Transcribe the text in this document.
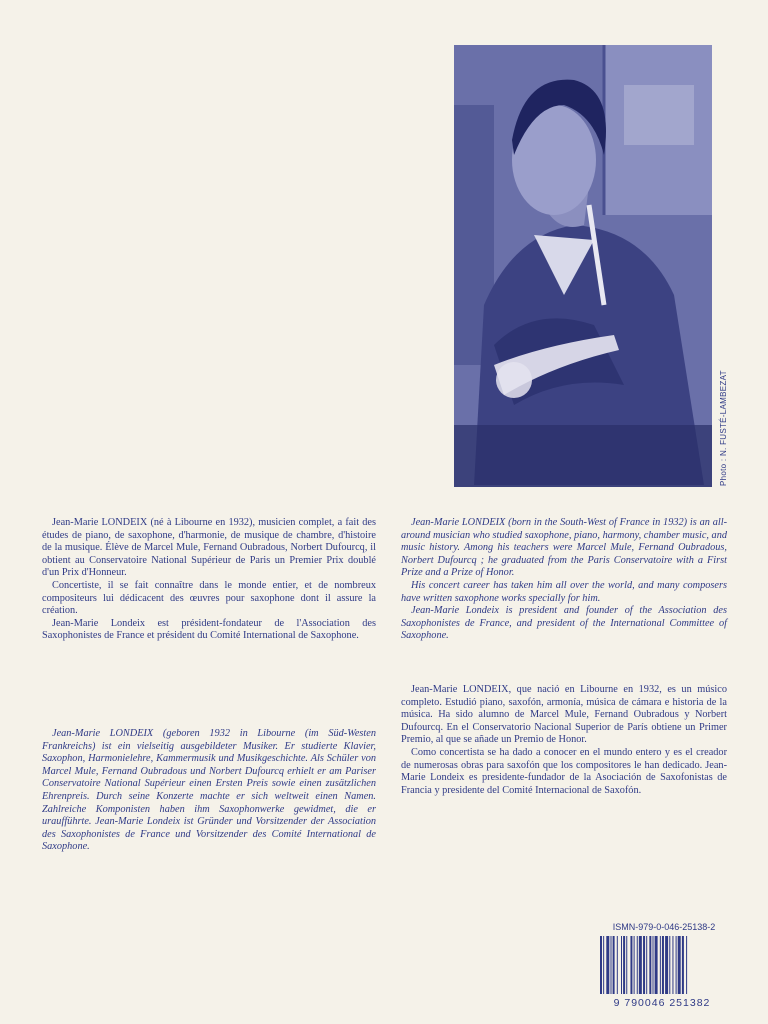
Photo : N. FUSTÉ-LAMBEZAT

Jean-Marie LONDEIX (né à Libourne en 1932), musicien complet, a fait des études de piano, de saxophone, d'harmonie, de musique de chambre, d'histoire de la musique. Élève de Marcel Mule, Fernand Oubradous, Norbert Dufourcq, il obtient au Conservatoire National Supérieur de Paris un Premier Prix doublé d'un Prix d'Honneur.

Concertiste, il se fait connaître dans le monde entier, et de nombreux compositeurs lui dédicacent des œuvres pour saxophone dont il assure la création.

Jean-Marie Londeix est président-fondateur de l'Association des Saxophonistes de France et président du Comité International de Saxophone.

Jean-Marie LONDEIX (born in the South-West of France in 1932) is an all-around musician who studied saxophone, piano, harmony, chamber music, and music history. Among his teachers were Marcel Mule, Fernand Oubradous, Norbert Dufourcq ; he graduated from the Paris Conservatoire with a First Prize and a Prize of Honor.

His concert career has taken him all over the world, and many composers have written saxophone works specially for him.

Jean-Marie Londeix is president and founder of the Association des Saxophonistes de France, and president of the International Committee of Saxophone.

Jean-Marie LONDEIX (geboren 1932 in Libourne (im Süd-Westen Frankreichs) ist ein vielseitig ausgebildeter Musiker. Er studierte Klavier, Saxophon, Harmonielehre, Kammermusik und Musikgeschichte. Als Schüler von Marcel Mule, Fernand Oubradous und Norbert Dufourcq erhielt er am Pariser Conservatoire National Supérieur einen Ersten Preis sowie einen zusätzlichen Ehrenpreis. Durch seine Konzerte machte er sich weltweit einen Namen. Zahlreiche Komponisten haben ihm Saxophonwerke gewidmet, die er uraufführte. Jean-Marie Londeix ist Gründer und Vorsitzender der Association des Saxophonistes de France und Vorsitzender des Comité International de Saxophone.

Jean-Marie LONDEIX, que nació en Libourne en 1932, es un músico completo. Estudió piano, saxofón, armonía, música de cámara e historia de la música. Ha sido alumno de Marcel Mule, Fernand Oubradous y Norbert Dufourcq. En el Conservatorio Nacional Superior de París obtiene un Primer Premio, al que se añade un Premio de Honor.

Como concertista se ha dado a conocer en el mundo entero y es el creador de numerosas obras para saxofón que los compositores le han dedicado. Jean-Marie Londeix es presidente-fundador de la Asociación de Saxofonistas de Francia y presidente del Comité Internacional de Saxofón.

ISMN-979-0-046-25138-2
9 790046 251382
